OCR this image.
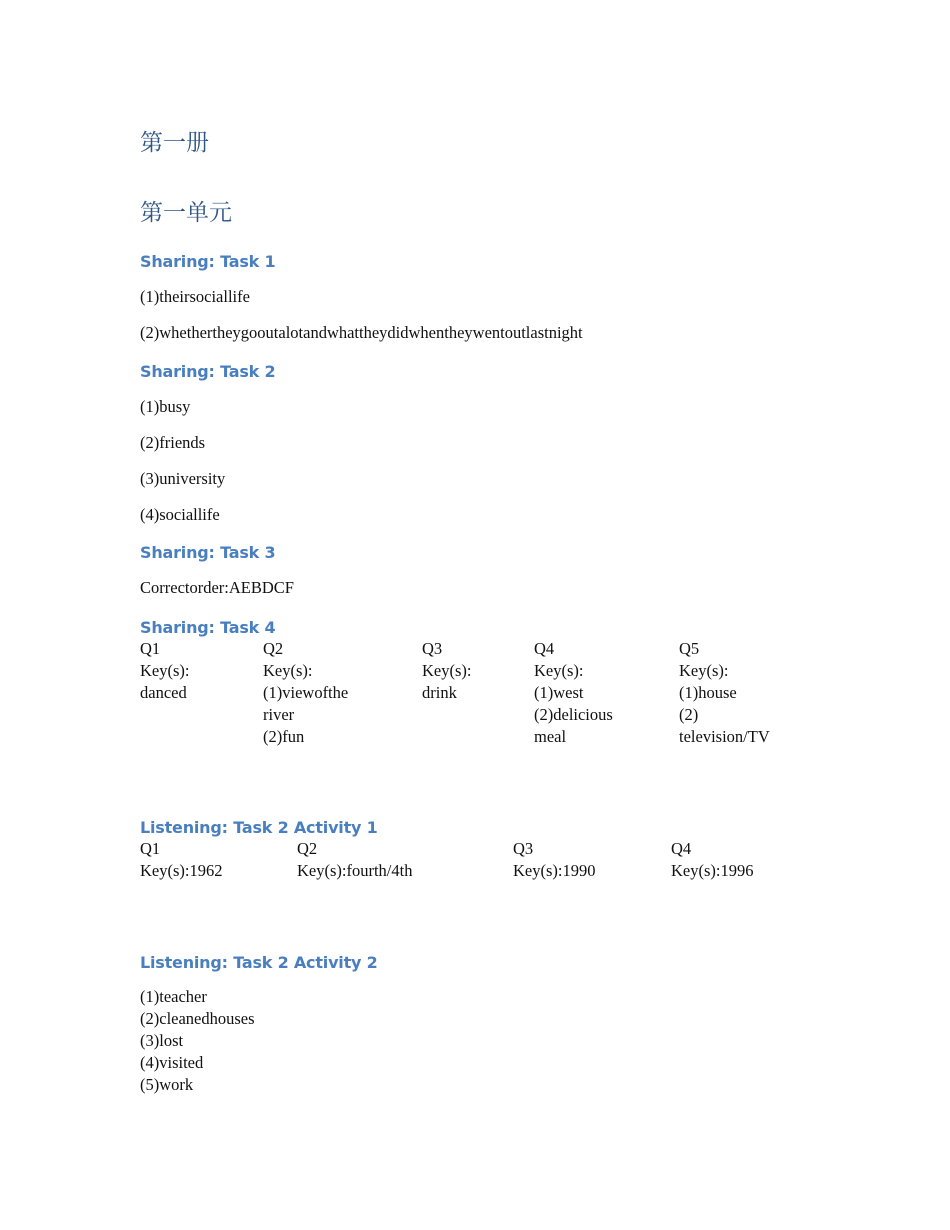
第一册
第一单元
Sharing: Task 1
(1)theirsociallife
(2)whethertheygooutalotandwhattheydidwhentheywentoutlastnight
Sharing: Task 2
(1)busy
(2)friends
(3)university
(4)sociallife
Sharing: Task 3
Correctorder:AEBDCF
Sharing: Task 4
Q1
Key(s):
danced
Q2
Key(s):
(1)viewofthe
river
(2)fun
Q3
Key(s):
drink
Q4
Key(s):
(1)west
(2)delicious
meal
Q5
Key(s):
(1)house
(2)
television/TV
Listening: Task 2 Activity 1
Q1
Key(s):1962
Q2
Key(s):fourth/4th
Q3
Key(s):1990
Q4
Key(s):1996
Listening: Task 2 Activity 2
(1)teacher
(2)cleanedhouses
(3)lost
(4)visited
(5)work
